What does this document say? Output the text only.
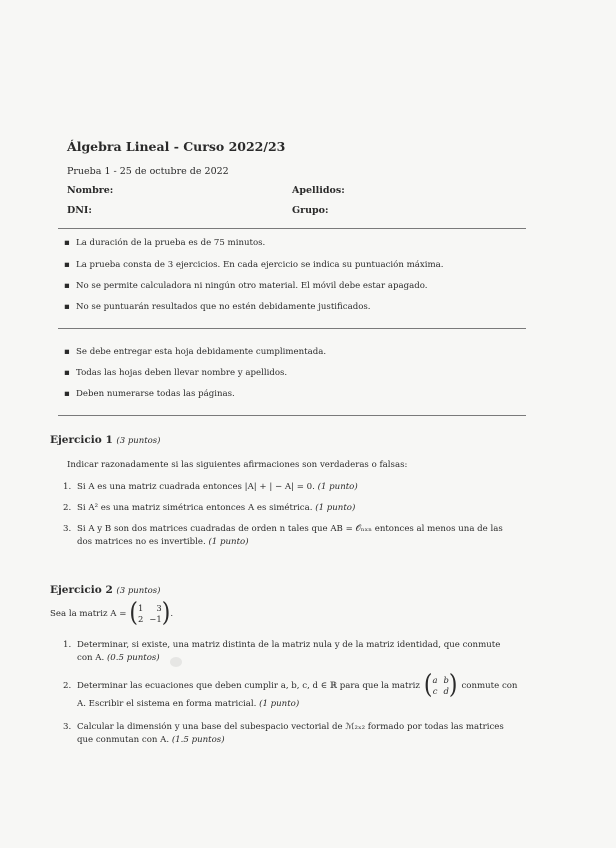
Álgebra Lineal - Curso 2022/23
Prueba 1 - 25 de octubre de 2022
Nombre:	Apellidos:
DNI:	Grupo:
▪ La duración de la prueba es de 75 minutos.
▪ La prueba consta de 3 ejercicios. En cada ejercicio se indica su puntuación máxima.
▪ No se permite calculadora ni ningún otro material. El móvil debe estar apagado.
▪ No se puntuarán resultados que no estén debidamente justificados.
▪ Se debe entregar esta hoja debidamente cumplimentada.
▪ Todas las hojas deben llevar nombre y apellidos.
▪ Deben numerarse todas las páginas.
Ejercicio 1 (3 puntos)
Indicar razonadamente si las siguientes afirmaciones son verdaderas o falsas:
1. Si A es una matriz cuadrada entonces |A| + | − A| = 0. (1 punto)
2. Si A² es una matriz simétrica entonces A es simétrica. (1 punto)
3. Si A y B son dos matrices cuadradas de orden n tales que AB = 𝒪ₙₓₙ entonces al menos una de las
dos matrices no es invertible. (1 punto)
Ejercicio 2 (3 puntos)
Sea la matriz A = ( 1	3
2 −1 ) .
1. Determinar, si existe, una matriz distinta de la matriz nula y de la matriz identidad, que conmute
con A. (0.5 puntos)
2. Determinar las ecuaciones que deben cumplir a, b, c, d ∈ ℝ para que la matriz ( a b
c d ) conmute con
A. Escribir el sistema en forma matricial. (1 punto)
3. Calcular la dimensión y una base del subespacio vectorial de ℳ₂ₓ₂ formado por todas las matrices
que conmutan con A. (1.5 puntos)
